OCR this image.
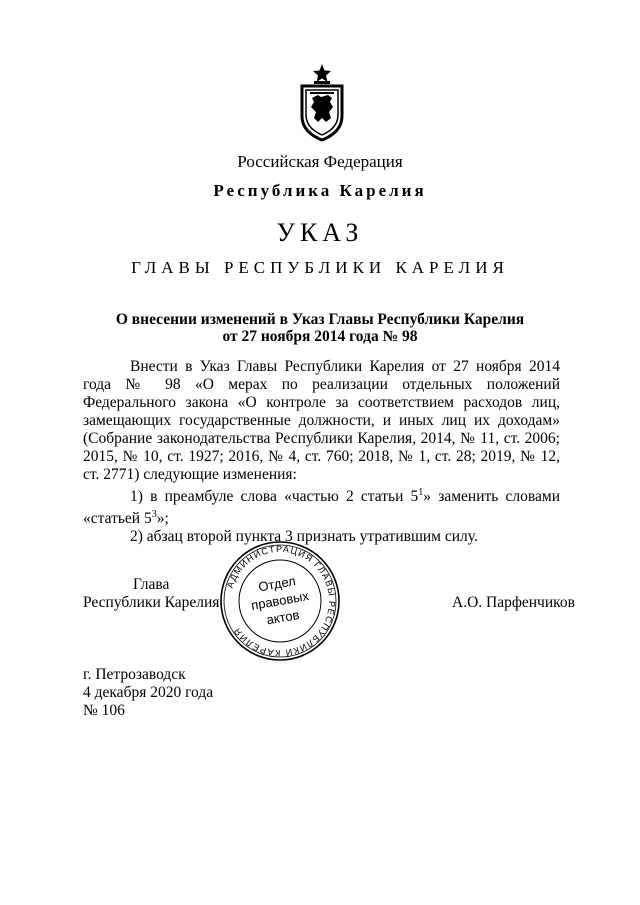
Российская Федерация
Республика Карелия
УКАЗ
ГЛАВЫ РЕСПУБЛИКИ КАРЕЛИЯ
О внесении изменений в Указ Главы Республики Карелия
от 27 ноября 2014 года № 98

Внести в Указ Главы Республики Карелия от 27 ноября 2014 года № 98 «О мерах по реализации отдельных положений Федерального закона «О контроле за соответствием расходов лиц, замещающих государственные должности, и иных лиц их доходам» (Собрание законодательства Республики Карелия, 2014, № 11, ст. 2006; 2015, № 10, ст. 1927; 2016, № 4, ст. 760; 2018, № 1, ст. 28; 2019, № 12, ст. 2771) следующие изменения:

1) в преамбуле слова «частью 2 статьи $5^1$» заменить словами «статьей $5^3$»;

2) абзац второй пункта 3 признать утратившим силу.

Глава
Республики Карелия	А.О. Парфенчиков
АДМИНИСТРАЦИЯ ГЛАВЫ РЕСПУБЛИКИ КАРЕЛИЯ
Отдел
правовых
актов
г. Петрозаводск
4 декабря 2020 года
№ 106
